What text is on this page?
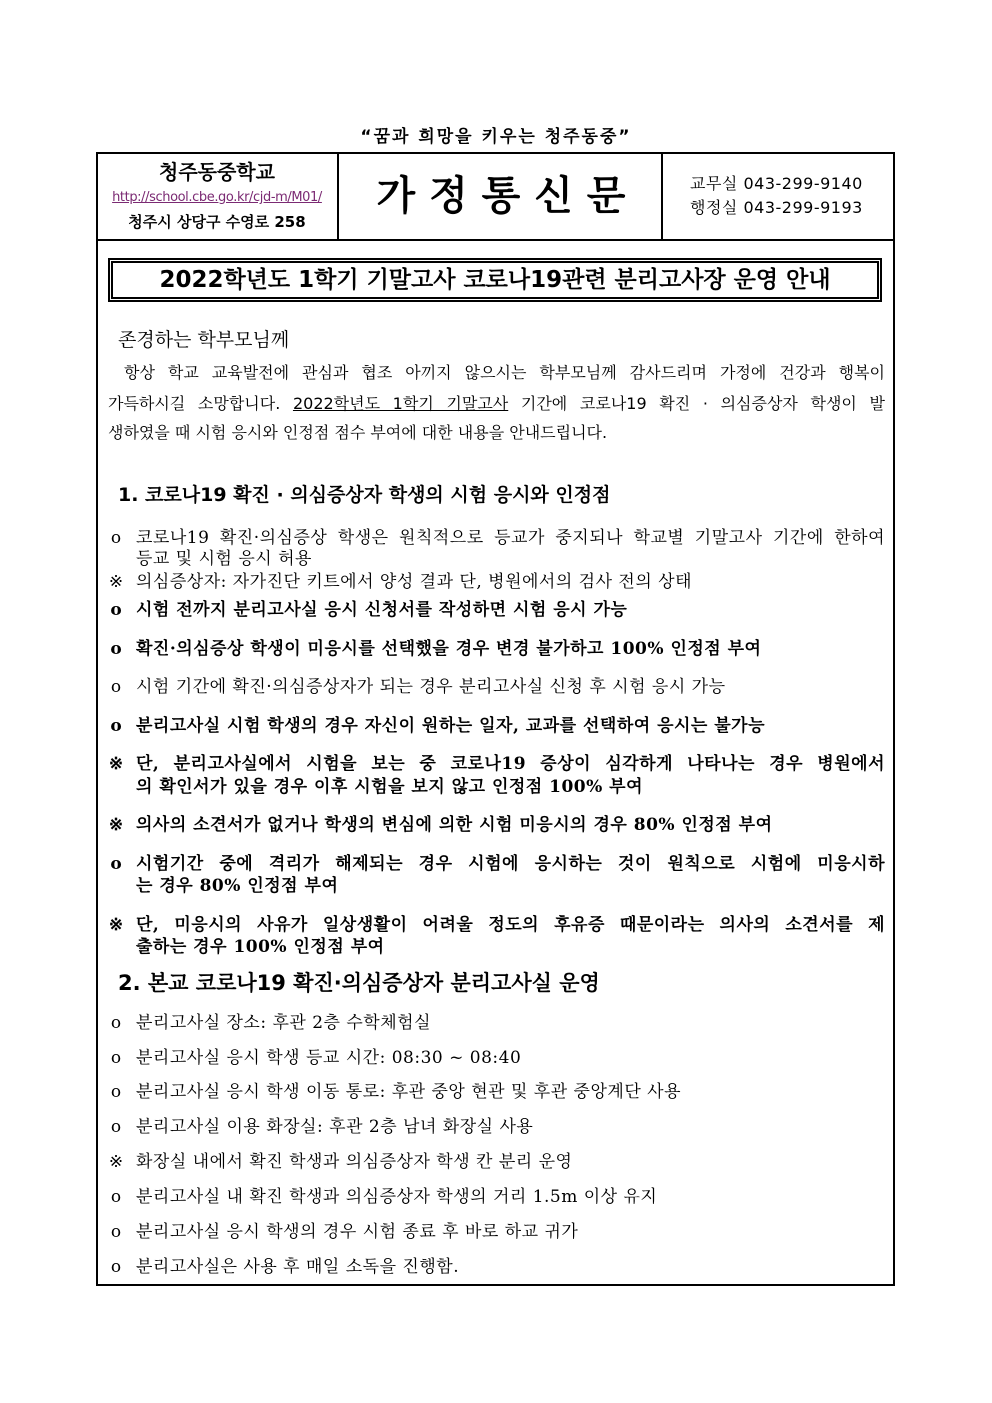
“꿈과 희망을 키우는 청주동중”
청주동중학교
http://school.cbe.go.kr/cjd-m/M01/
청주시 상당구 수영로 258
가 정 통 신 문	교무실 043-299-9140
행정실 043-299-9193
2022학년도 1학기 기말고사 코로나19관련 분리고사장 운영 안내
존경하는 학부모님께
항상 학교 교육발전에 관심과 협조 아끼지 않으시는 학부모님께 감사드리며 가정에 건강과 행복이
가득하시길 소망합니다. 2022학년도 1학기 기말고사 기간에 코로나19 확진 · 의심증상자 학생이 발
생하였을 때 시험 응시와 인정점 점수 부여에 대한 내용을 안내드립니다.
1. 코로나19 확진 · 의심증상자 학생의 시험 응시와 인정점
o 코로나19 확진·의심증상 학생은 원칙적으로 등교가 중지되나 학교별 기말고사 기간에 한하여
등교 및 시험 응시 허용
※ 의심증상자: 자가진단 키트에서 양성 결과 단, 병원에서의 검사 전의 상태
o 시험 전까지 분리고사실 응시 신청서를 작성하면 시험 응시 가능
o 확진·의심증상 학생이 미응시를 선택했을 경우 변경 불가하고 100% 인정점 부여
o 시험 기간에 확진·의심증상자가 되는 경우 분리고사실 신청 후 시험 응시 가능
o 분리고사실 시험 학생의 경우 자신이 원하는 일자, 교과를 선택하여 응시는 불가능
※ 단, 분리고사실에서 시험을 보는 중 코로나19 증상이 심각하게 나타나는 경우 병원에서
의 확인서가 있을 경우 이후 시험을 보지 않고 인정점 100% 부여
※ 의사의 소견서가 없거나 학생의 변심에 의한 시험 미응시의 경우 80% 인정점 부여
o 시험기간 중에 격리가 해제되는 경우 시험에 응시하는 것이 원칙으로 시험에 미응시하
는 경우 80% 인정점 부여
※ 단, 미응시의 사유가 일상생활이 어려울 정도의 후유증 때문이라는 의사의 소견서를 제
출하는 경우 100% 인정점 부여
2. 본교 코로나19 확진·의심증상자 분리고사실 운영
o 분리고사실 장소: 후관 2층 수학체험실
o 분리고사실 응시 학생 등교 시간: 08:30 ~ 08:40
o 분리고사실 응시 학생 이동 통로: 후관 중앙 현관 및 후관 중앙계단 사용
o 분리고사실 이용 화장실: 후관 2층 남녀 화장실 사용
※ 화장실 내에서 확진 학생과 의심증상자 학생 칸 분리 운영
o 분리고사실 내 확진 학생과 의심증상자 학생의 거리 1.5m 이상 유지
o 분리고사실 응시 학생의 경우 시험 종료 후 바로 하교 귀가
o 분리고사실은 사용 후 매일 소독을 진행함.
